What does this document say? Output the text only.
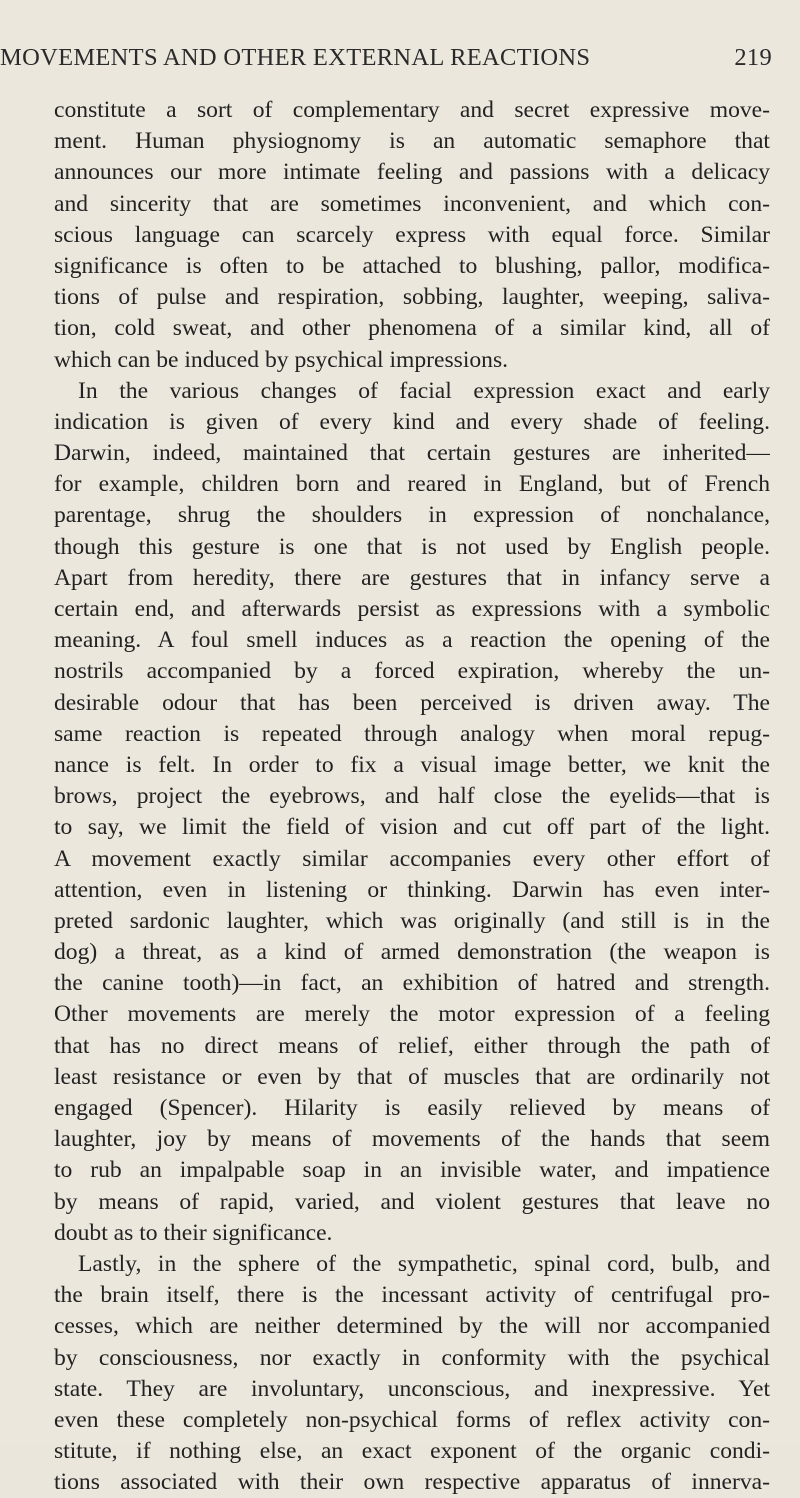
MOVEMENTS AND OTHER EXTERNAL REACTIONS	219
constitute a sort of complementary and secret expressive move-
ment. Human physiognomy is an automatic semaphore that
announces our more intimate feeling and passions with a delicacy
and sincerity that are sometimes inconvenient, and which con-
scious language can scarcely express with equal force. Similar
significance is often to be attached to blushing, pallor, modifica-
tions of pulse and respiration, sobbing, laughter, weeping, saliva-
tion, cold sweat, and other phenomena of a similar kind, all of
which can be induced by psychical impressions.
In the various changes of facial expression exact and early
indication is given of every kind and every shade of feeling.
Darwin, indeed, maintained that certain gestures are inherited—
for example, children born and reared in England, but of French
parentage, shrug the shoulders in expression of nonchalance,
though this gesture is one that is not used by English people.
Apart from heredity, there are gestures that in infancy serve a
certain end, and afterwards persist as expressions with a symbolic
meaning. A foul smell induces as a reaction the opening of the
nostrils accompanied by a forced expiration, whereby the un-
desirable odour that has been perceived is driven away. The
same reaction is repeated through analogy when moral repug-
nance is felt. In order to fix a visual image better, we knit the
brows, project the eyebrows, and half close the eyelids—that is
to say, we limit the field of vision and cut off part of the light.
A movement exactly similar accompanies every other effort of
attention, even in listening or thinking. Darwin has even inter-
preted sardonic laughter, which was originally (and still is in the
dog) a threat, as a kind of armed demonstration (the weapon is
the canine tooth)—in fact, an exhibition of hatred and strength.
Other movements are merely the motor expression of a feeling
that has no direct means of relief, either through the path of
least resistance or even by that of muscles that are ordinarily not
engaged (Spencer). Hilarity is easily relieved by means of
laughter, joy by means of movements of the hands that seem
to rub an impalpable soap in an invisible water, and impatience
by means of rapid, varied, and violent gestures that leave no
doubt as to their significance.
Lastly, in the sphere of the sympathetic, spinal cord, bulb, and
the brain itself, there is the incessant activity of centrifugal pro-
cesses, which are neither determined by the will nor accompanied
by consciousness, nor exactly in conformity with the psychical
state. They are involuntary, unconscious, and inexpressive. Yet
even these completely non-psychical forms of reflex activity con-
stitute, if nothing else, an exact exponent of the organic condi-
tions associated with their own respective apparatus of innerva-
